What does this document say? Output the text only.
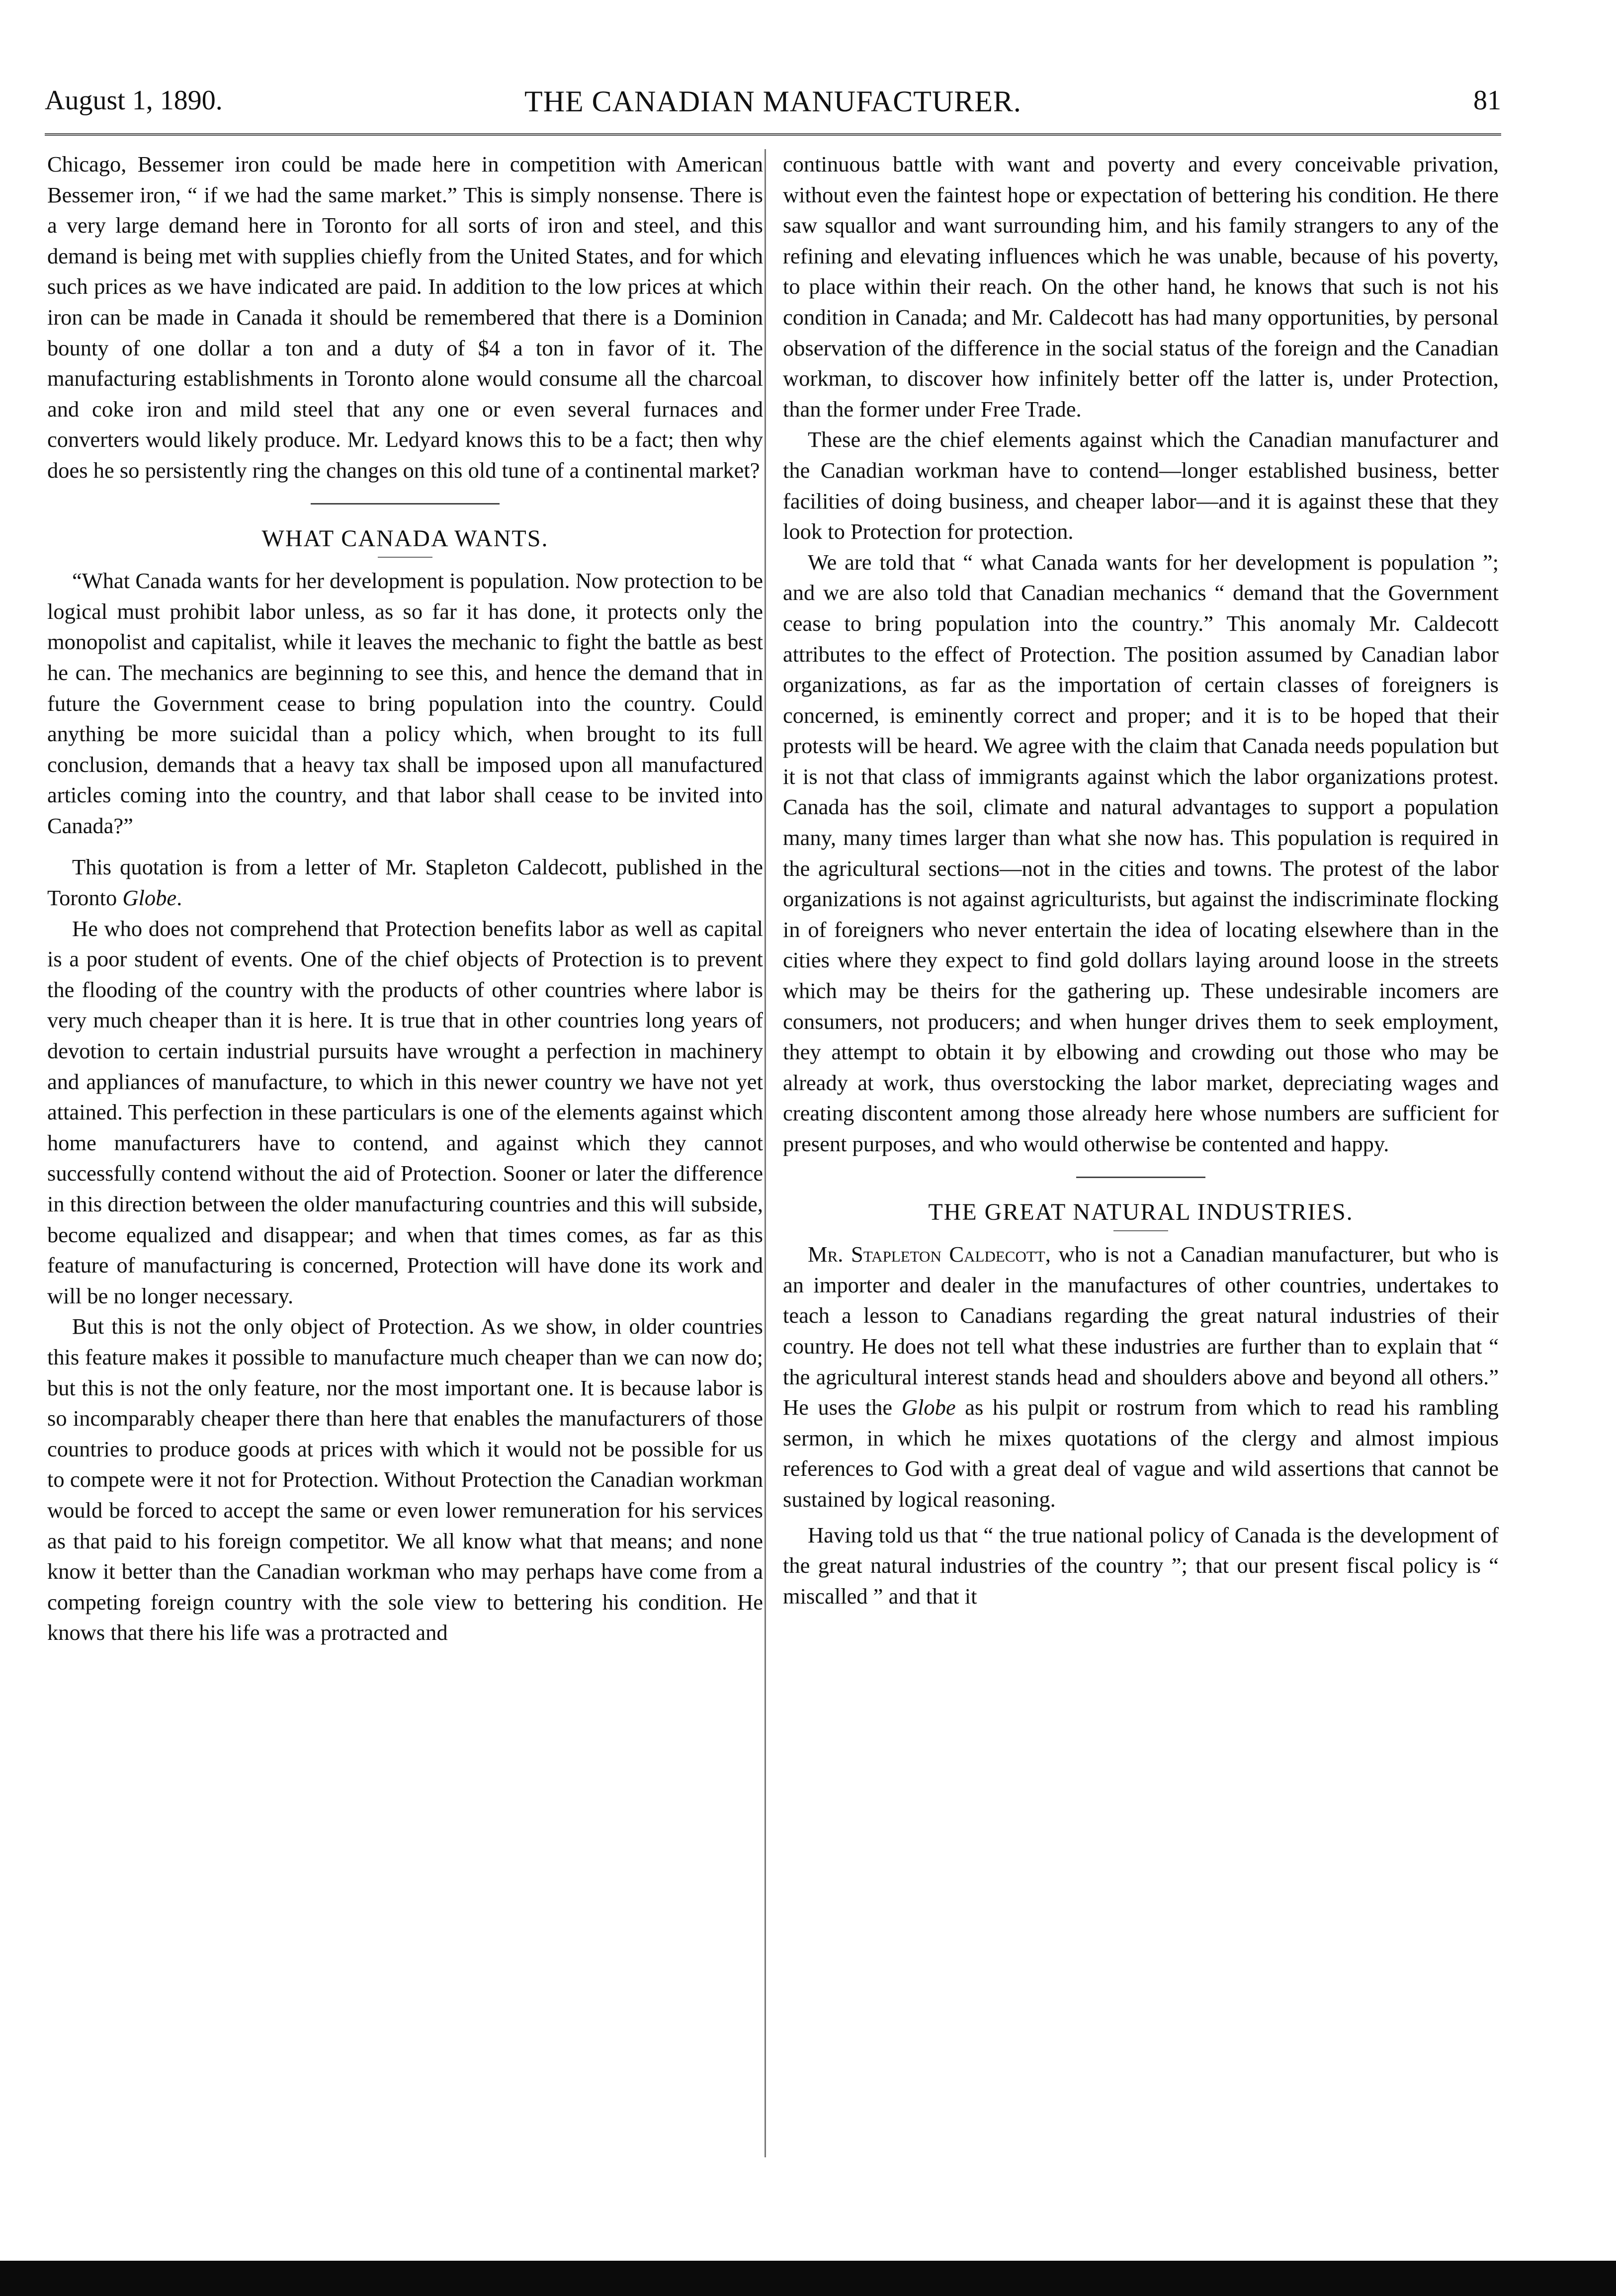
August 1, 1890.	THE CANADIAN MANUFACTURER.	81

Chicago, Bessemer iron could be made here in competition with American Bessemer iron, “ if we had the same market.” This is simply nonsense. There is a very large demand here in Toronto for all sorts of iron and steel, and this demand is being met with supplies chiefly from the United States, and for which such prices as we have indicated are paid. In addition to the low prices at which iron can be made in Canada it should be remembered that there is a Dominion bounty of one dollar a ton and a duty of $4 a ton in favor of it. The manufacturing establishments in Toronto alone would consume all the charcoal and coke iron and mild steel that any one or even several furnaces and converters would likely produce. Mr. Ledyard knows this to be a fact; then why does he so persistently ring the changes on this old tune of a continental market?

WHAT CANADA WANTS.

“What Canada wants for her development is population. Now protection to be logical must prohibit labor unless, as so far it has done, it protects only the monopolist and capitalist, while it leaves the mechanic to fight the battle as best he can. The mechanics are beginning to see this, and hence the demand that in future the Government cease to bring population into the country. Could anything be more suicidal than a policy which, when brought to its full conclusion, demands that a heavy tax shall be imposed upon all manufactured articles coming into the country, and that labor shall cease to be invited into Canada?”

This quotation is from a letter of Mr. Stapleton Caldecott, published in the Toronto Globe.

He who does not comprehend that Protection benefits labor as well as capital is a poor student of events. One of the chief objects of Protection is to prevent the flooding of the country with the products of other countries where labor is very much cheaper than it is here. It is true that in other countries long years of devotion to certain industrial pursuits have wrought a perfection in machinery and appliances of manufacture, to which in this newer country we have not yet attained. This perfection in these particulars is one of the elements against which home manufacturers have to contend, and against which they cannot successfully contend without the aid of Protection. Sooner or later the difference in this direction between the older manufacturing countries and this will subside, become equalized and disappear; and when that times comes, as far as this feature of manufacturing is concerned, Protection will have done its work and will be no longer necessary.

But this is not the only object of Protection. As we show, in older countries this feature makes it possible to manufacture much cheaper than we can now do; but this is not the only feature, nor the most important one. It is because labor is so incomparably cheaper there than here that enables the manufacturers of those countries to produce goods at prices with which it would not be possible for us to compete were it not for Protection. Without Protection the Canadian workman would be forced to accept the same or even lower remuneration for his services as that paid to his foreign competitor. We all know what that means; and none know it better than the Canadian workman who may perhaps have come from a competing foreign country with the sole view to bettering his condition. He knows that there his life was a protracted and

continuous battle with want and poverty and every conceivable privation, without even the faintest hope or expectation of bettering his condition. He there saw squallor and want surrounding him, and his family strangers to any of the refining and elevating influences which he was unable, because of his poverty, to place within their reach. On the other hand, he knows that such is not his condition in Canada; and Mr. Caldecott has had many opportunities, by personal observation of the difference in the social status of the foreign and the Canadian workman, to discover how infinitely better off the latter is, under Protection, than the former under Free Trade.

These are the chief elements against which the Canadian manufacturer and the Canadian workman have to contend—longer established business, better facilities of doing business, and cheaper labor—and it is against these that they look to Protection for protection.

We are told that “ what Canada wants for her development is population ”; and we are also told that Canadian mechanics “ demand that the Government cease to bring population into the country.” This anomaly Mr. Caldecott attributes to the effect of Protection. The position assumed by Canadian labor organizations, as far as the importation of certain classes of foreigners is concerned, is eminently correct and proper; and it is to be hoped that their protests will be heard. We agree with the claim that Canada needs population but it is not that class of immigrants against which the labor organizations protest. Canada has the soil, climate and natural advantages to support a population many, many times larger than what she now has. This population is required in the agricultural sections—not in the cities and towns. The protest of the labor organizations is not against agriculturists, but against the indiscriminate flocking in of foreigners who never entertain the idea of locating elsewhere than in the cities where they expect to find gold dollars laying around loose in the streets which may be theirs for the gathering up. These undesirable incomers are consumers, not producers; and when hunger drives them to seek employment, they attempt to obtain it by elbowing and crowding out those who may be already at work, thus overstocking the labor market, depreciating wages and creating discontent among those already here whose numbers are sufficient for present purposes, and who would otherwise be contented and happy.

THE GREAT NATURAL INDUSTRIES.

Mr. Stapleton Caldecott, who is not a Canadian manufacturer, but who is an importer and dealer in the manufactures of other countries, undertakes to teach a lesson to Canadians regarding the great natural industries of their country. He does not tell what these industries are further than to explain that “ the agricultural interest stands head and shoulders above and beyond all others.” He uses the Globe as his pulpit or rostrum from which to read his rambling sermon, in which he mixes quotations of the clergy and almost impious references to God with a great deal of vague and wild assertions that cannot be sustained by logical reasoning.

Having told us that “ the true national policy of Canada is the development of the great natural industries of the country ”; that our present fiscal policy is “ miscalled ” and that it
